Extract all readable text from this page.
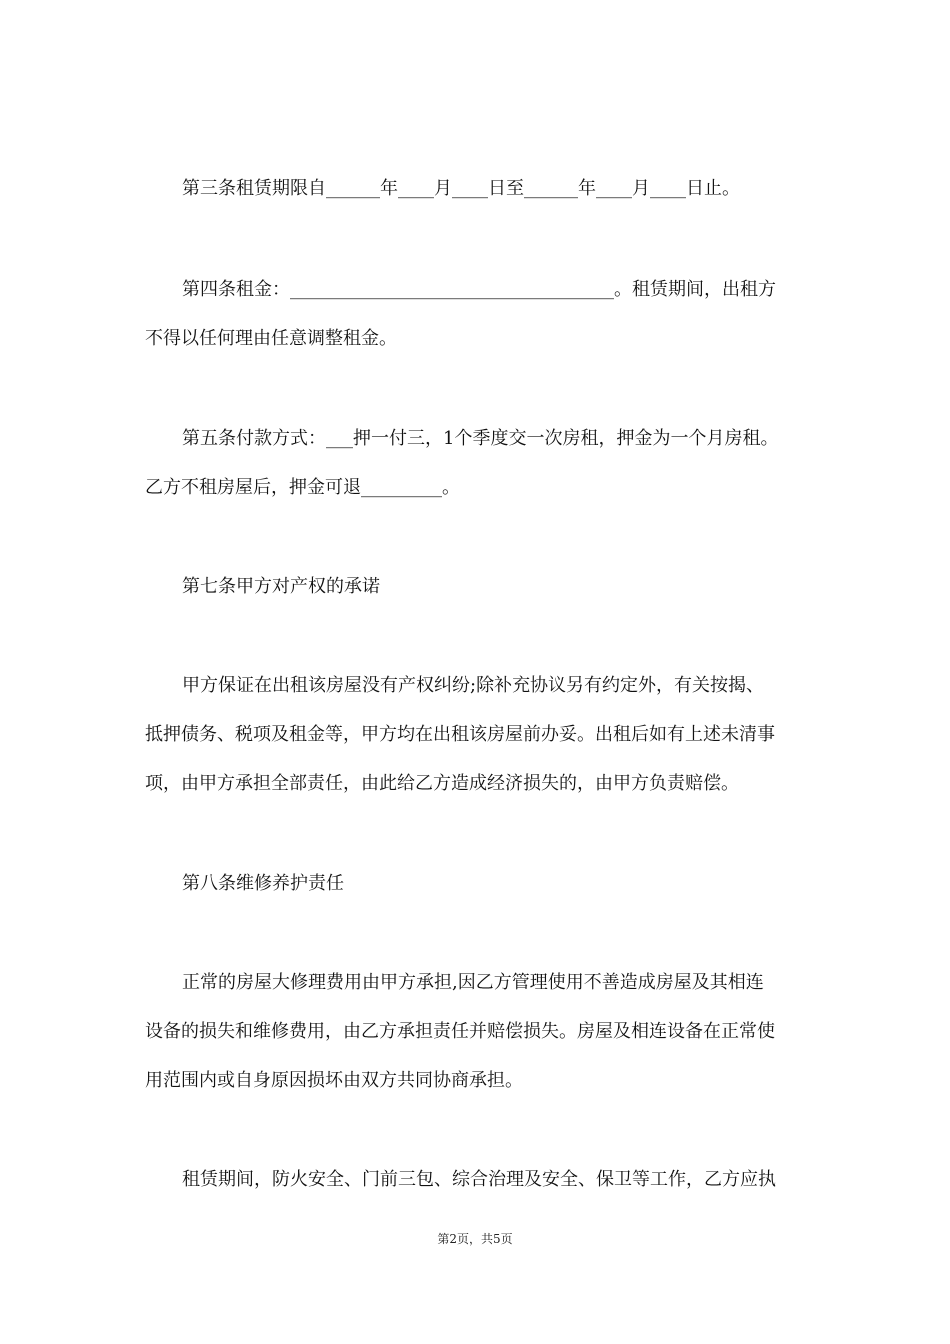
第三条租赁期限自______年____月____日至______年____月____日止。
第四条租金：____________________________________。租赁期间，出租方
不得以任何理由任意调整租金。
第五条付款方式：___押一付三，1个季度交一次房租，押金为一个月房租。
乙方不租房屋后，押金可退_________。
第七条甲方对产权的承诺
甲方保证在出租该房屋没有产权纠纷;除补充协议另有约定外，有关按揭、
抵押债务、税项及租金等，甲方均在出租该房屋前办妥。出租后如有上述未清事
项，由甲方承担全部责任，由此给乙方造成经济损失的，由甲方负责赔偿。
第八条维修养护责任
正常的房屋大修理费用由甲方承担,因乙方管理使用不善造成房屋及其相连
设备的损失和维修费用，由乙方承担责任并赔偿损失。房屋及相连设备在正常使
用范围内或自身原因损坏由双方共同协商承担。
租赁期间，防火安全、门前三包、综合治理及安全、保卫等工作，乙方应执
第2页，共5页
